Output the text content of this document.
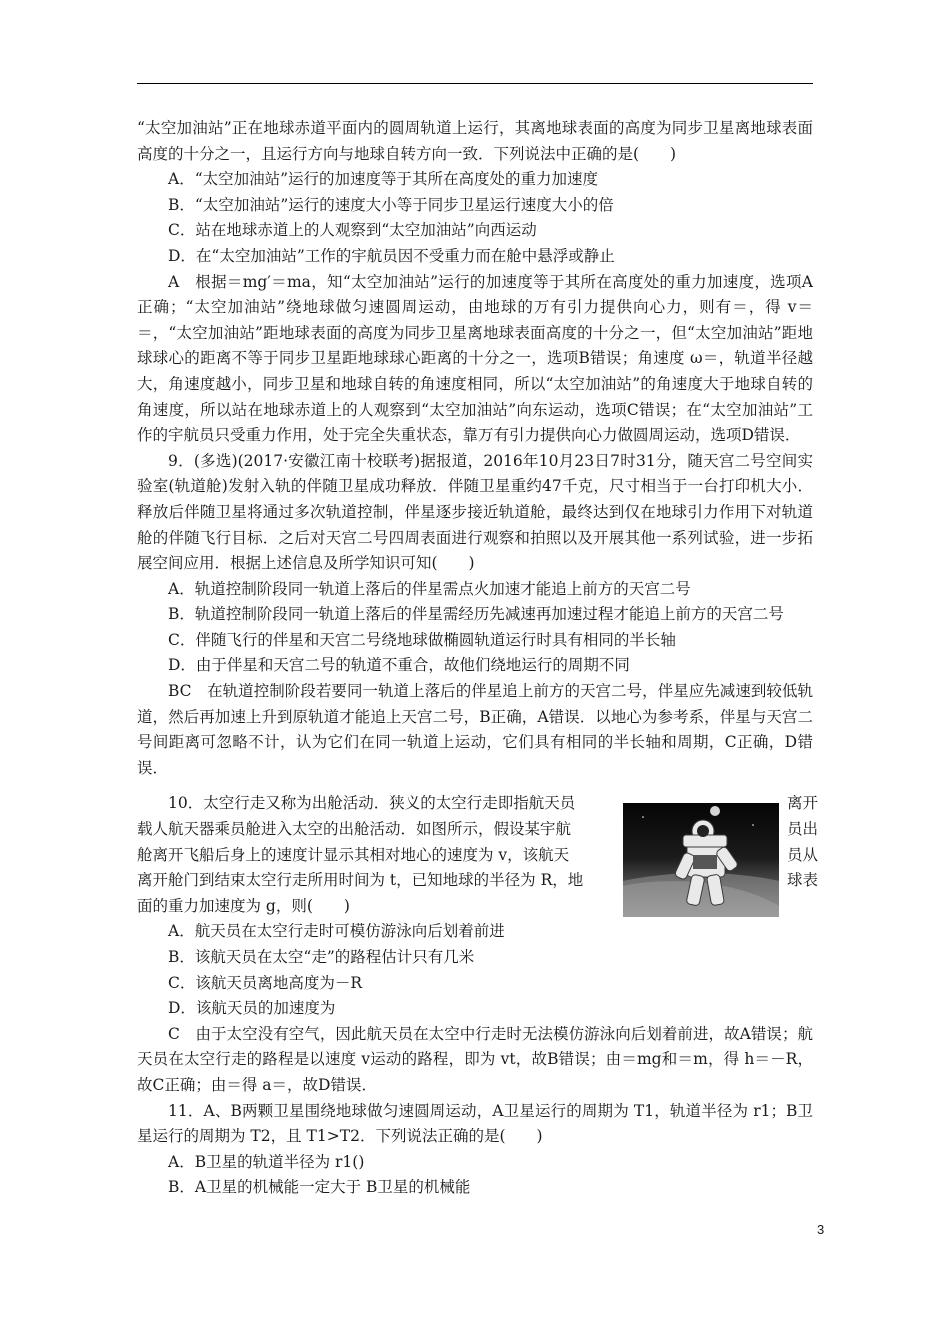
“太空加油站”正在地球赤道平面内的圆周轨道上运行，其离地球表面的高度为同步卫星离地球表面高度的十分之一，且运行方向与地球自转方向一致．下列说法中正确的是(　　)

A．“太空加油站”运行的加速度等于其所在高度处的重力加速度

B．“太空加油站”运行的速度大小等于同步卫星运行速度大小的倍

C．站在地球赤道上的人观察到“太空加油站”向西运动

D．在“太空加油站”工作的宇航员因不受重力而在舱中悬浮或静止

A　根据＝mg′＝ma，知“太空加油站”运行的加速度等于其所在高度处的重力加速度，选项A正确；“太空加油站”绕地球做匀速圆周运动，由地球的万有引力提供向心力，则有＝，得 v＝＝，“太空加油站”距地球表面的高度为同步卫星离地球表面高度的十分之一，但“太空加油站”距地球球心的距离不等于同步卫星距地球球心距离的十分之一，选项B错误；角速度 ω＝，轨道半径越大，角速度越小，同步卫星和地球自转的角速度相同，所以“太空加油站”的角速度大于地球自转的角速度，所以站在地球赤道上的人观察到“太空加油站”向东运动，选项C错误；在“太空加油站”工作的宇航员只受重力作用，处于完全失重状态，靠万有引力提供向心力做圆周运动，选项D错误．

9．(多选)(2017·安徽江南十校联考)据报道，2016年10月23日7时31分，随天宫二号空间实验室(轨道舱)发射入轨的伴随卫星成功释放．伴随卫星重约47千克，尺寸相当于一台打印机大小．释放后伴随卫星将通过多次轨道控制，伴星逐步接近轨道舱，最终达到仅在地球引力作用下对轨道舱的伴随飞行目标．之后对天宫二号四周表面进行观察和拍照以及开展其他一系列试验，进一步拓展空间应用．根据上述信息及所学知识可知(　　)

A．轨道控制阶段同一轨道上落后的伴星需点火加速才能追上前方的天宫二号

B．轨道控制阶段同一轨道上落后的伴星需经历先减速再加速过程才能追上前方的天宫二号

C．伴随飞行的伴星和天宫二号绕地球做椭圆轨道运行时具有相同的半长轴

D．由于伴星和天宫二号的轨道不重合，故他们绕地运行的周期不同

BC　在轨道控制阶段若要同一轨道上落后的伴星追上前方的天宫二号，伴星应先减速到较低轨道，然后再加速上升到原轨道才能追上天宫二号，B正确，A错误．以地心为参考系，伴星与天宫二号间距离可忽略不计，认为它们在同一轨道上运动，它们具有相同的半长轴和周期，C正确，D错误．

10．太空行走又称为出舱活动．狭义的太空行走即指航天员

载人航天器乘员舱进入太空的出舱活动．如图所示，假设某宇航

舱离开飞船后身上的速度计显示其相对地心的速度为 v，该航天

离开舱门到结束太空行走所用时间为 t，已知地球的半径为 R，地

面的重力加速度为 g，则(　　)

离开

员出

员从

球表

A．航天员在太空行走时可模仿游泳向后划着前进

B．该航天员在太空“走”的路程估计只有几米

C．该航天员离地高度为－R

D．该航天员的加速度为

C　由于太空没有空气，因此航天员在太空中行走时无法模仿游泳向后划着前进，故A错误；航天员在太空行走的路程是以速度 v运动的路程，即为 vt，故B错误；由＝mg和＝m，得 h＝－R，故C正确；由＝得 a＝，故D错误．

11．A、B两颗卫星围绕地球做匀速圆周运动，A卫星运行的周期为 T1，轨道半径为 r1；B卫星运行的周期为 T2，且 T1>T2．下列说法正确的是(　　)

A．B卫星的轨道半径为 r1()

B．A卫星的机械能一定大于 B卫星的机械能

3
